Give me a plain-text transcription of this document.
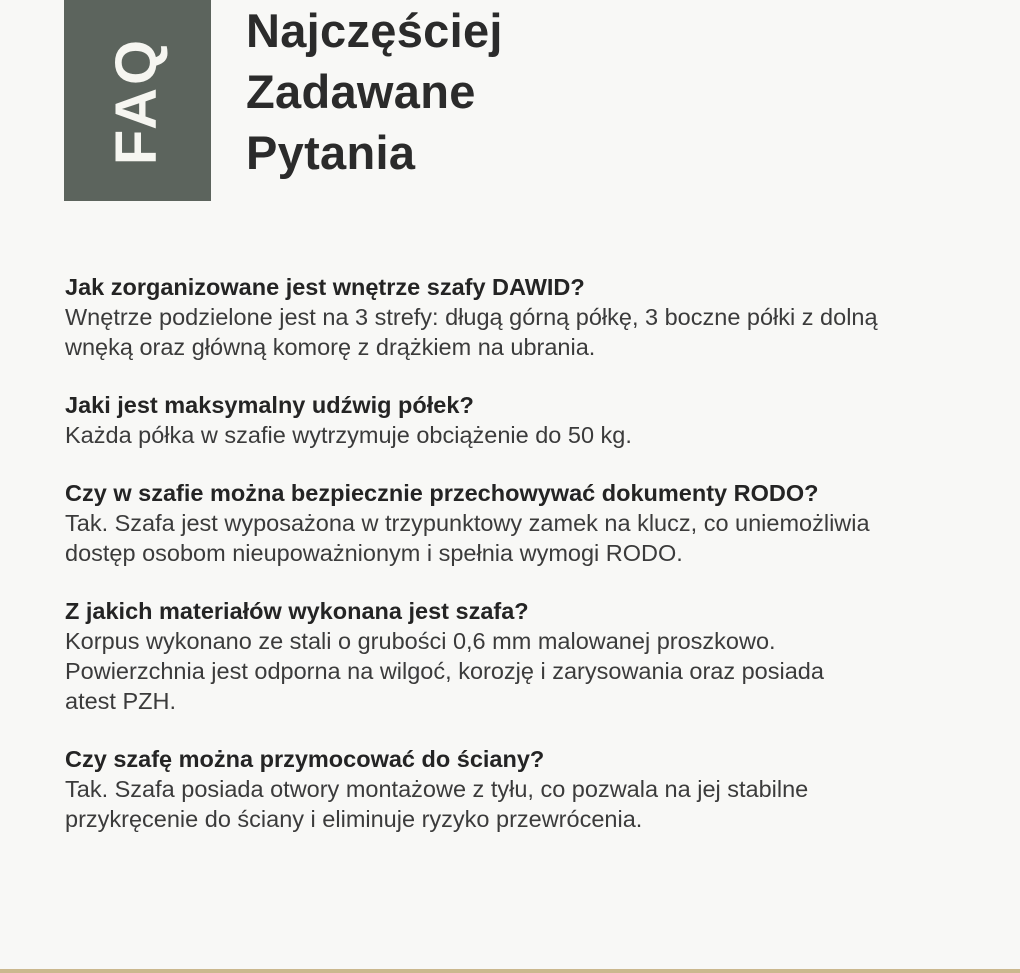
FAQ
Najczęściej
Zadawane
Pytania
Jak zorganizowane jest wnętrze szafy DAWID?

Wnętrze podzielone jest na 3 strefy: długą górną półkę, 3 boczne półki z dolną

wnęką oraz główną komorę z drążkiem na ubrania.

Jaki jest maksymalny udźwig półek?

Każda półka w szafie wytrzymuje obciążenie do 50 kg.

Czy w szafie można bezpiecznie przechowywać dokumenty RODO?

Tak. Szafa jest wyposażona w trzypunktowy zamek na klucz, co uniemożliwia

dostęp osobom nieupoważnionym i spełnia wymogi RODO.

Z jakich materiałów wykonana jest szafa?

Korpus wykonano ze stali o grubości 0,6 mm malowanej proszkowo.

Powierzchnia jest odporna na wilgoć, korozję i zarysowania oraz posiada

atest PZH.

Czy szafę można przymocować do ściany?

Tak. Szafa posiada otwory montażowe z tyłu, co pozwala na jej stabilne

przykręcenie do ściany i eliminuje ryzyko przewrócenia.
